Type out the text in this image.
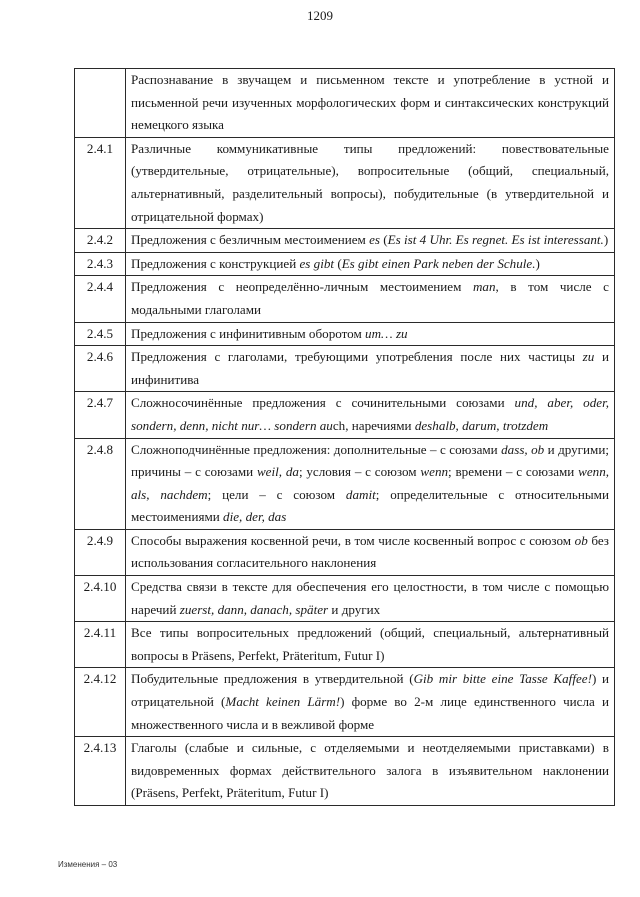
1209
	Распознавание в звучащем и письменном тексте и употребление в устной и письменной речи изученных морфологических форм и синтаксических конструкций немецкого языка
2.4.1	Различные коммуникативные типы предложений: повествовательные (утвердительные, отрицательные), вопросительные (общий, специальный, альтернативный, разделительный вопросы), побудительные (в утвердительной и отрицательной формах)
2.4.2	Предложения с безличным местоимением es (Es ist 4 Uhr. Es regnet. Es ist interessant.)
2.4.3	Предложения с конструкцией es gibt (Es gibt einen Park neben der Schule.)
2.4.4	Предложения с неопределённо-личным местоимением man, в том числе с модальными глаголами
2.4.5	Предложения с инфинитивным оборотом um… zu
2.4.6	Предложения с глаголами, требующими употребления после них частицы zu и инфинитива
2.4.7	Сложносочинённые предложения с сочинительными союзами und, aber, oder, sondern, denn, nicht nur… sondern auch, наречиями deshalb, darum, trotzdem
2.4.8	Сложноподчинённые предложения: дополнительные – с союзами dass, ob и другими; причины – с союзами weil, da; условия – с союзом wenn; времени – с союзами wenn, als, nachdem; цели – с союзом damit; определительные с относительными местоимениями die, der, das
2.4.9	Способы выражения косвенной речи, в том числе косвенный вопрос с союзом ob без использования согласительного наклонения
2.4.10	Средства связи в тексте для обеспечения его целостности, в том числе с помощью наречий zuerst, dann, danach, später и других
2.4.11	Все типы вопросительных предложений (общий, специальный, альтернативный вопросы в Präsens, Perfekt, Präteritum, Futur I)
2.4.12	Побудительные предложения в утвердительной (Gib mir bitte eine Tasse Kaffee!) и отрицательной (Macht keinen Lärm!) форме во 2-м лице единственного числа и множественного числа и в вежливой форме
2.4.13	Глаголы (слабые и сильные, с отделяемыми и неотделяемыми приставками) в видовременных формах действительного залога в изъявительном наклонении (Präsens, Perfekt, Präteritum, Futur I)
Изменения – 03
